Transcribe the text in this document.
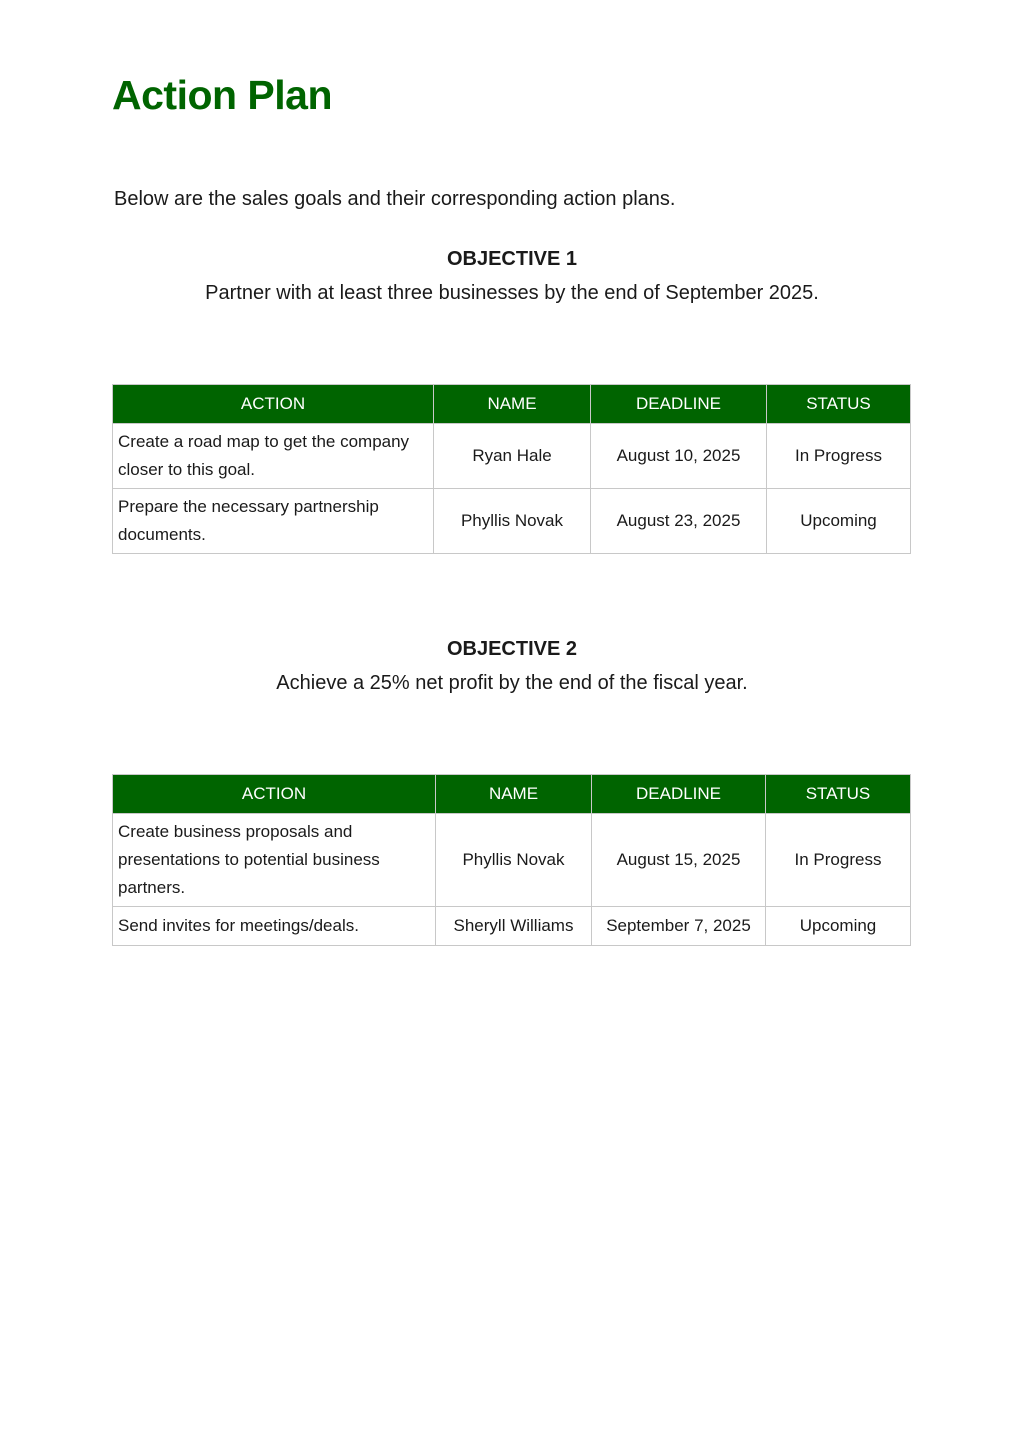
Action Plan

Below are the sales goals and their corresponding action plans.

OBJECTIVE 1

Partner with at least three businesses by the end of September 2025.

ACTION	NAME	DEADLINE	STATUS
Create a road map to get the company closer to this goal.	Ryan Hale	August 10, 2025	In Progress
Prepare the necessary partnership documents.	Phyllis Novak	August 23, 2025	Upcoming

OBJECTIVE 2

Achieve a 25% net profit by the end of the fiscal year.

ACTION	NAME	DEADLINE	STATUS
Create business proposals and presentations to potential business partners.	Phyllis Novak	August 15, 2025	In Progress
Send invites for meetings/deals.	Sheryll Williams	September 7, 2025	Upcoming
